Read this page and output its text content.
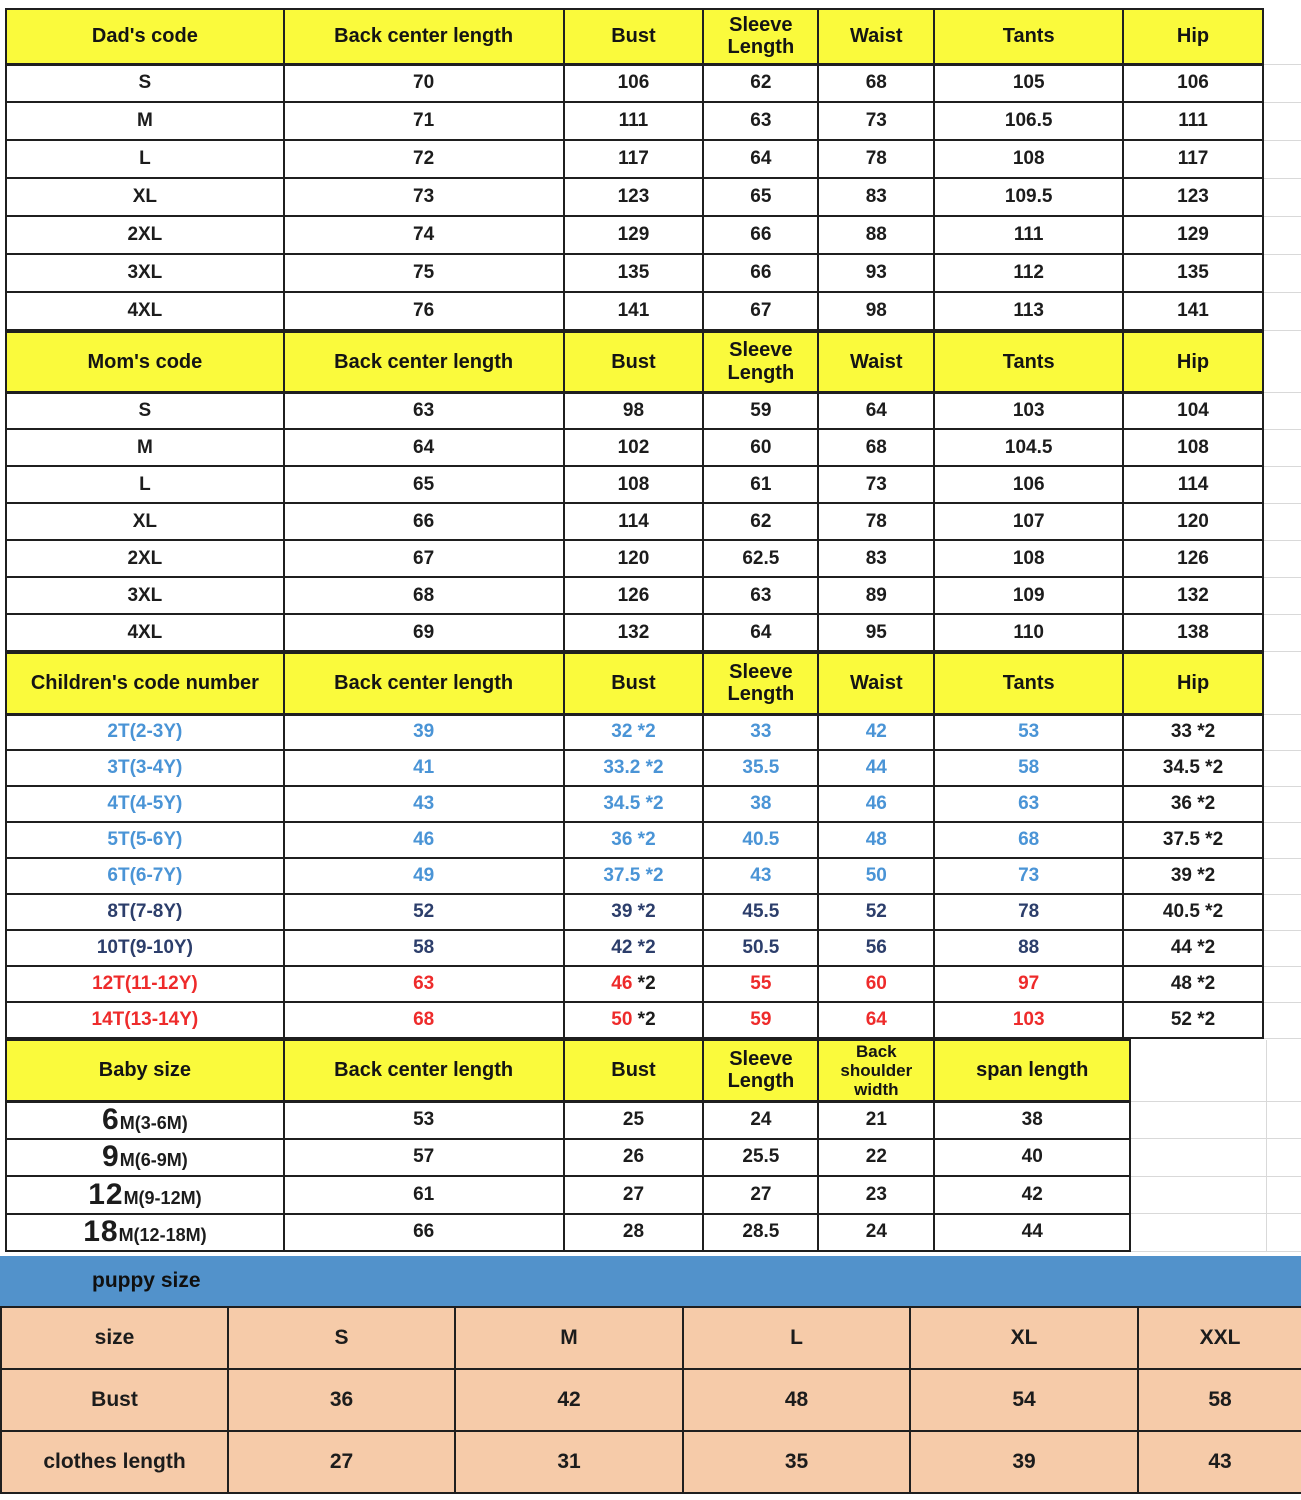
Dad's code	Back center length	Bust	Sleeve Length	Waist	Tants	Hip	
S	70	106	62	68	105	106	
M	71	111	63	73	106.5	111	
L	72	117	64	78	108	117	
XL	73	123	65	83	109.5	123	
2XL	74	129	66	88	111	129	
3XL	75	135	66	93	112	135	
4XL	76	141	67	98	113	141	
Mom's code	Back center length	Bust	Sleeve Length	Waist	Tants	Hip	
S	63	98	59	64	103	104	
M	64	102	60	68	104.5	108	
L	65	108	61	73	106	114	
XL	66	114	62	78	107	120	
2XL	67	120	62.5	83	108	126	
3XL	68	126	63	89	109	132	
4XL	69	132	64	95	110	138	
Children's code number	Back center length	Bust	Sleeve Length	Waist	Tants	Hip	
2T(2-3Y)	39	32 *2	33	42	53	33 *2	
3T(3-4Y)	41	33.2 *2	35.5	44	58	34.5 *2	
4T(4-5Y)	43	34.5 *2	38	46	63	36 *2	
5T(5-6Y)	46	36 *2	40.5	48	68	37.5 *2	
6T(6-7Y)	49	37.5 *2	43	50	73	39 *2	
8T(7-8Y)	52	39 *2	45.5	52	78	40.5 *2	
10T(9-10Y)	58	42 *2	50.5	56	88	44 *2	
12T(11-12Y)	63	46 *2	55	60	97	48 *2	
14T(13-14Y)	68	50 *2	59	64	103	52 *2	
Baby size	Back center length	Bust	Sleeve Length	Back shoulder width	span length		
6M(3-6M)	53	25	24	21	38		
9M(6-9M)	57	26	25.5	22	40		
12M(9-12M)	61	27	27	23	42		
18M(12-18M)	66	28	28.5	24	44		
puppy size
size	S	M	L	XL	XXL
Bust	36	42	48	54	58
clothes length	27	31	35	39	43
